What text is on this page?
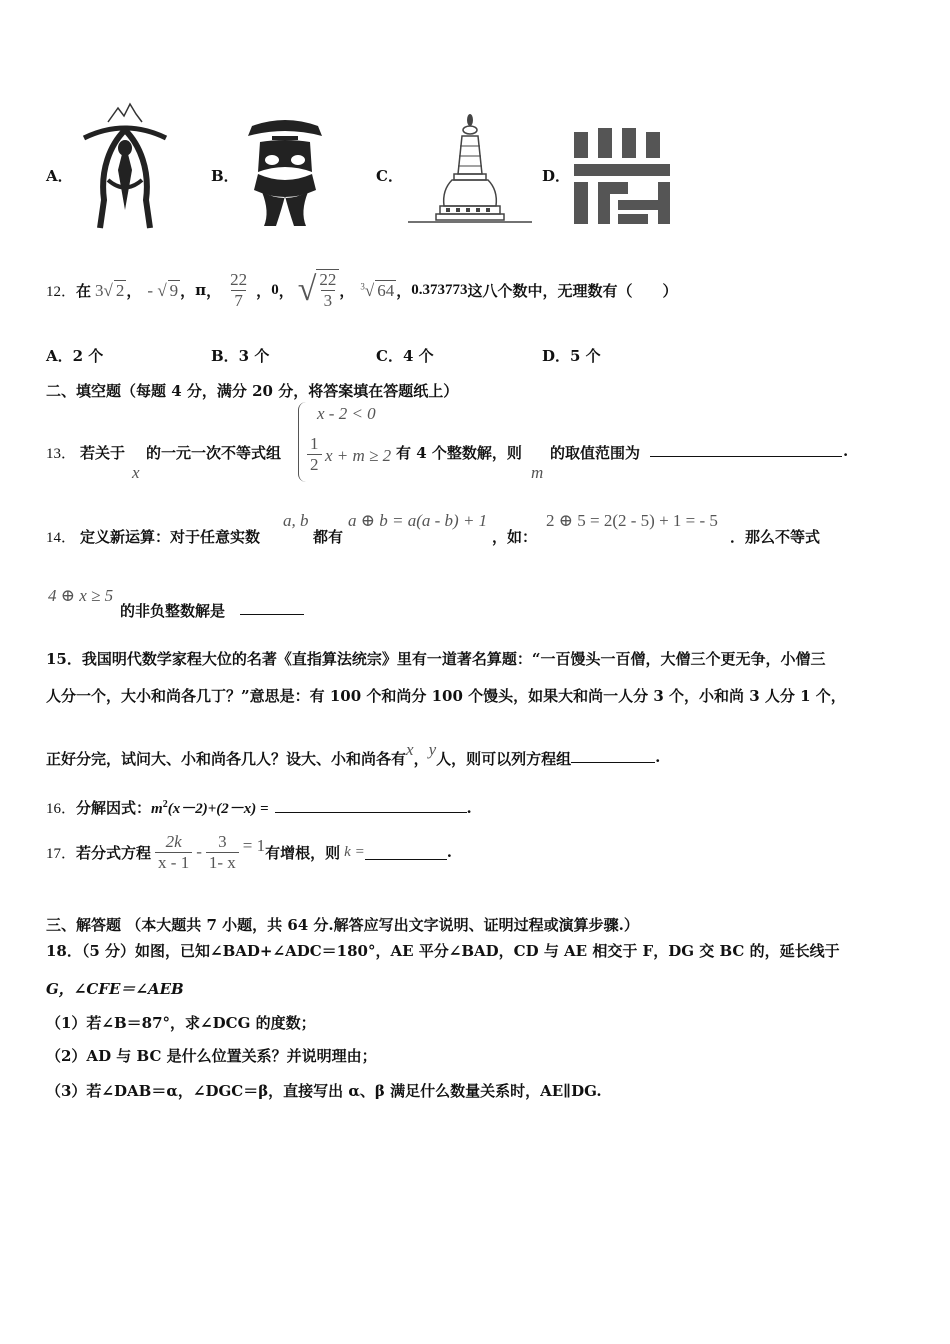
A．	B．	C．	D．
12． 在 3√ 2 ， - √ 9 ， π ， $\frac{22}{7}$ ， 0 ， √ $\frac{22}{3}$ ， $^3$√ 64 ， 0.373773 这八个数中，无理数有（　　）
A．2 个	B．3 个	C．4 个	D．5 个
二、填空题（每题 4 分，满分 20 分，将答案填在答题纸上）
13． 若关于
x
的一元一次不等式组
x - 2 < 0
$\frac{1}{2}$ x + m ≥ 2 有 4 个整数解，则
m
的取值范围为	.
14． 定义新运算：对于任意实数
a, b
都有
a ⊕ b = a(a - b) + 1
，如：
2 ⊕ 5 = 2(2 - 5) + 1 = - 5
．那么不等式
4 ⊕ x ≥ 5
的非负整数解是
15．我国明代数学家程大位的名著《直指算法统宗》里有一道著名算题：“一百馒头一百僧，大僧三个更无争，小僧三
人分一个，大小和尚各几丁？”意思是：有 100 个和尚分 100 个馒头，如果大和尚一人分 3 个，小和尚 3 人分 1 个，
正好分完，试问大、小和尚各几人？设大、小和尚各有 x ， y 人，则可以列方程组	.
16． 分解因式： $m^2(x-2)+(2-x)$ =	.
17． 若分式方程 $\frac{2k}{x - 1} - \frac{3}{1- x} = 1$ 有增根，则 k =	.
三、解答题 （本大题共 7 小题，共 64 分.解答应写出文字说明、证明过程或演算步骤.）
18．（5 分）如图，已知∠BAD+∠ADC＝180°，AE 平分∠BAD，CD 与 AE 相交于 F，DG 交 BC 的，延长线于
G，∠CFE＝∠AEB
（1）若∠B＝87°，求∠DCG 的度数；
（2）AD 与 BC 是什么位置关系？并说明理由；
（3）若∠DAB＝α，∠DGC＝β，直接写出 α、β 满足什么数量关系时，AE∥DG.
